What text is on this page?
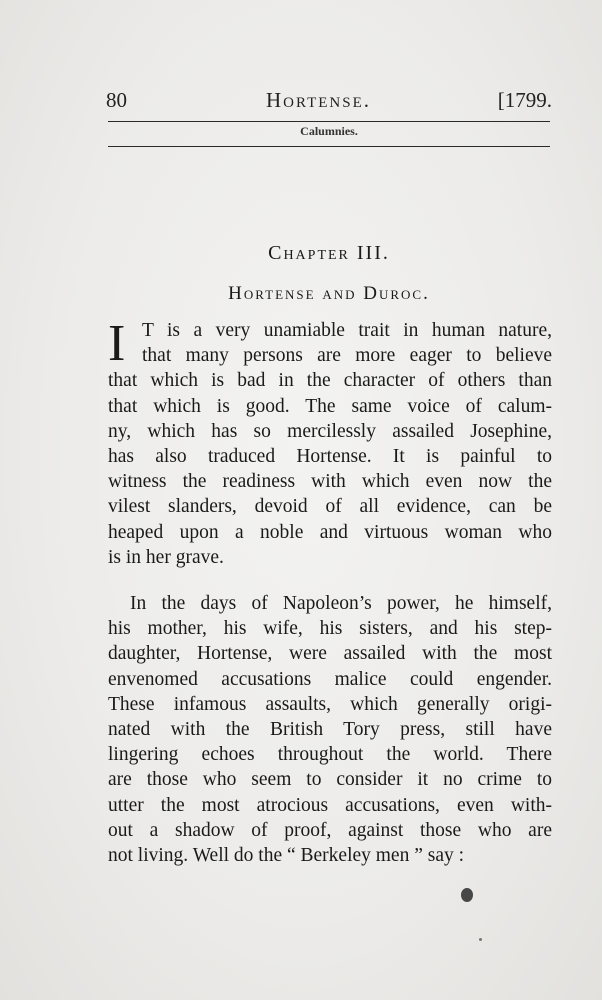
80	Hortense.	[1799.
Calumnies.
Chapter III.
Hortense and Duroc.
I T is a very unamiable trait in human nature,
that many persons are more eager to believe
that which is bad in the character of others than
that which is good. The same voice of calum-
ny, which has so mercilessly assailed Josephine,
has also traduced Hortense. It is painful to
witness the readiness with which even now the
vilest slanders, devoid of all evidence, can be
heaped upon a noble and virtuous woman who
is in her grave.
In the days of Napoleon’s power, he himself,
his mother, his wife, his sisters, and his step-
daughter, Hortense, were assailed with the most
envenomed accusations malice could engender.
These infamous assaults, which generally origi-
nated with the British Tory press, still have
lingering echoes throughout the world. There
are those who seem to consider it no crime to
utter the most atrocious accusations, even with-
out a shadow of proof, against those who are
not living. Well do the “ Berkeley men ” say :
